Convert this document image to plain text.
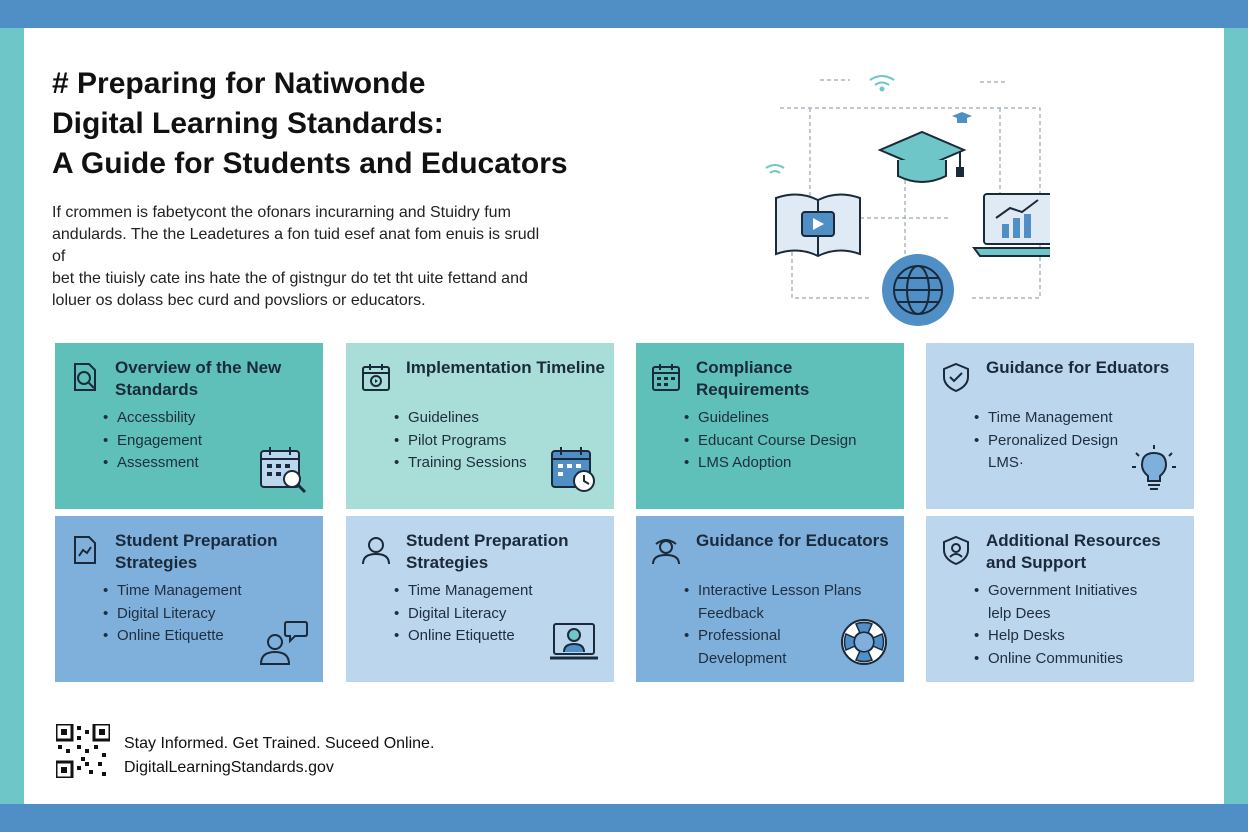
# Preparing for Natiwonde
Digital Learning Standards:
A Guide for Students and Educators
If crommen is fabetycont the ofonars incurarning and Stuidry fum
andulards. The the Leadetures a fon tuid esef anat fom enuis is srudl of
bet the tiuisly cate ins hate the of gistngur do tet tht uite fettand and
loluer os dolass bec curd and povsliors or educators.
Overview of the New Standards
• Accessbility
• Engagement
• Assessment
Implementation Timeline
• Guidelines
• Pilot Programs
• Training Sessions
Compliance Requirements
• Guidelines
• Educant Course Design
• LMS Adoption
Guidance for Eduators
• Time Management
• Peronalized Design
LMS·
Student Preparation Strategies
• Time Management
• Digital Literacy
• Online Etiquette
Student Preparation Strategies
• Time Management
• Digital Literacy
• Online Etiquette
Guidance for Educators
• Interactive Lesson Plans
Feedback
• Professional
Development
Additional Resources and Support
• Government Initiatives
lelp Dees
• Help Desks
• Online Communities
Stay Informed. Get Trained. Suceed Online.
DigitalLearningStandards.gov
